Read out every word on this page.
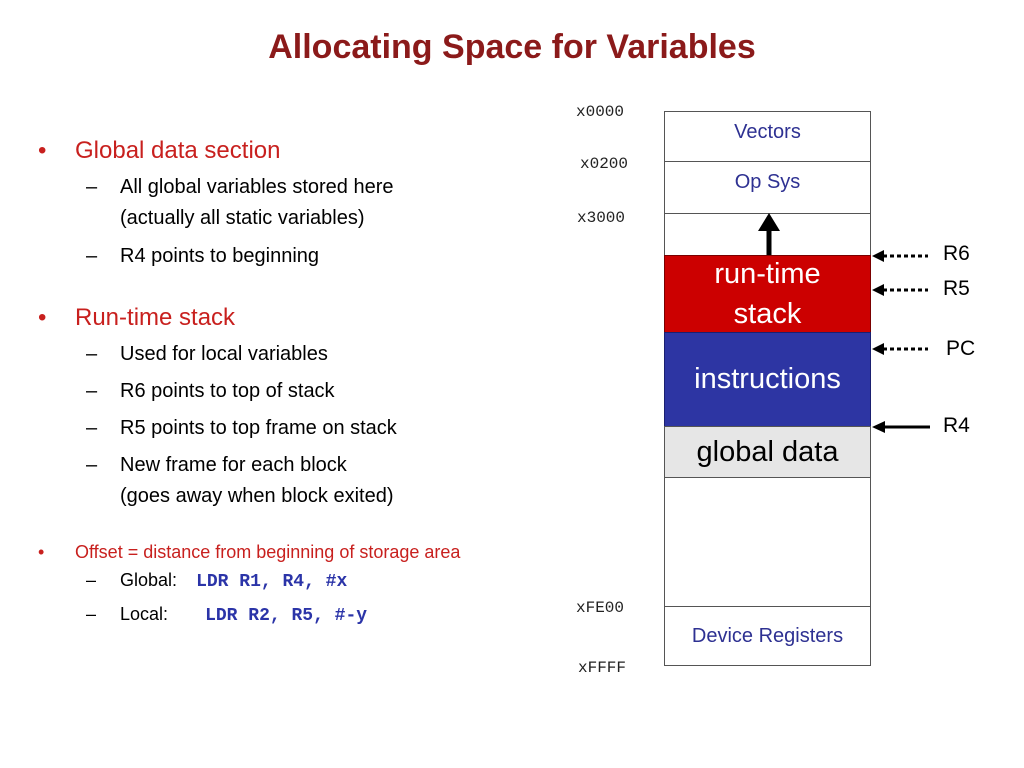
Allocating Space for Variables
• Global data section
– All global variables stored here
(actually all static variables)
– R4 points to beginning
• Run-time stack
– Used for local variables
– R6 points to top of stack
– R5 points to top frame on stack
– New frame for each block
(goes away when block exited)
• Offset = distance from beginning of storage area
– Global: LDR R1, R4, #x
– Local: LDR R2, R5, #-y
x0000
x0200
x3000
xFE00
xFFFF
Vectors
Op Sys
run-time
stack
instructions
global data
Device Registers
R6
R5
PC
R4
